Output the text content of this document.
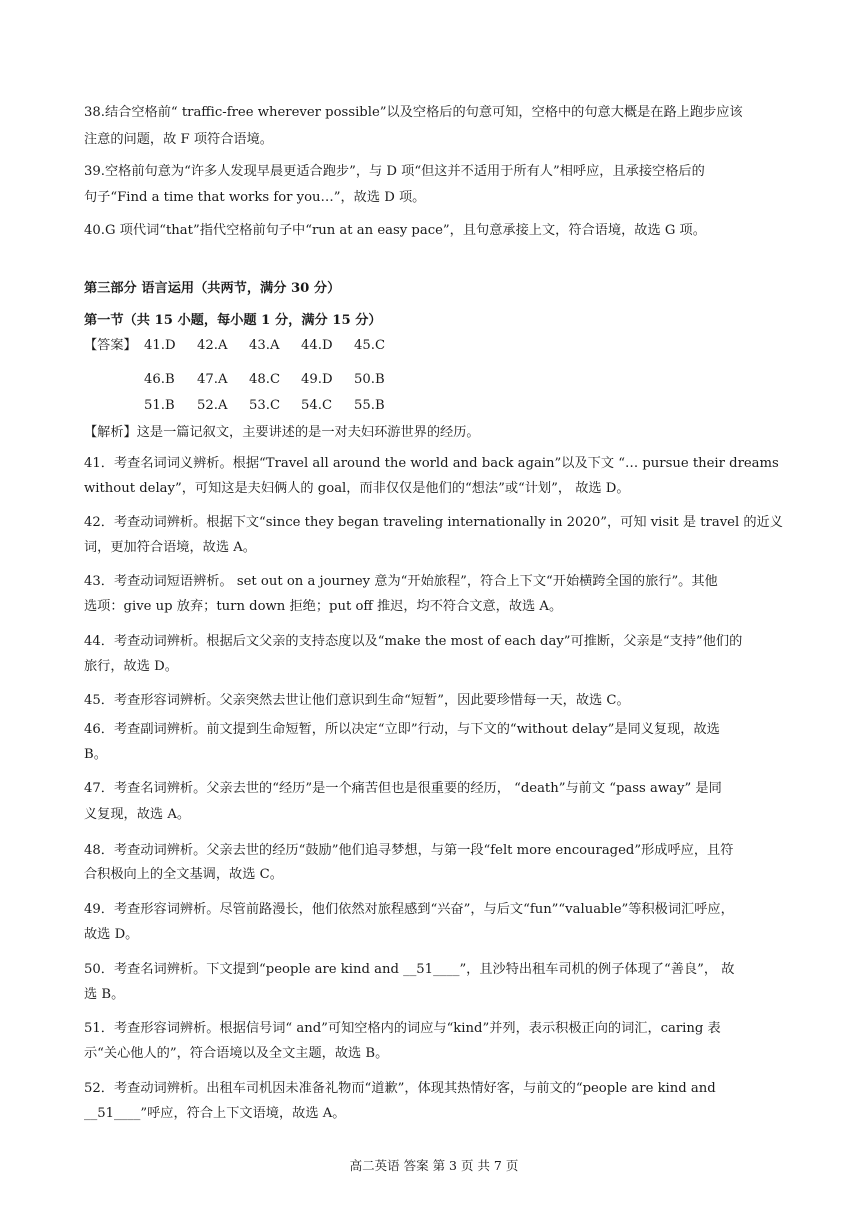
38.结合空格前“ traffic-free wherever possible”以及空格后的句意可知，空格中的句意大概是在路上跑步应该
注意的问题，故 F 项符合语境。
39.空格前句意为“许多人发现早晨更适合跑步”，与 D 项“但这并不适用于所有人”相呼应，且承接空格后的
句子“Find a time that works for you…”，故选 D 项。
40.G 项代词“that”指代空格前句子中“run at an easy pace”，且句意承接上文，符合语境，故选 G 项。
第三部分 语言运用（共两节，满分 30 分）
第一节（共 15 小题，每小题 1 分，满分 15 分）
【答案】 41.D 42.A 43.A 44.D 45.C
46.B 47.A 48.C 49.D 50.B
51.B 52.A 53.C 54.C 55.B
【解析】这是一篇记叙文，主要讲述的是一对夫妇环游世界的经历。
41．考查名词词义辨析。根据“Travel all around the world and back again”以及下文 “… pursue their dreams
without delay”，可知这是夫妇俩人的 goal，而非仅仅是他们的“想法”或“计划”， 故选 D。
42．考查动词辨析。根据下文“since they began traveling internationally in 2020”，可知 visit 是 travel 的近义
词，更加符合语境，故选 A。
43．考查动词短语辨析。 set out on a journey 意为“开始旅程”，符合上下文“开始横跨全国的旅行”。其他
选项：give up 放弃；turn down 拒绝；put off 推迟，均不符合文意，故选 A。
44．考查动词辨析。根据后文父亲的支持态度以及“make the most of each day”可推断，父亲是“支持”他们的
旅行，故选 D。
45．考查形容词辨析。父亲突然去世让他们意识到生命“短暂”，因此要珍惜每一天，故选 C。
46．考查副词辨析。前文提到生命短暂，所以决定“立即”行动，与下文的“without delay”是同义复现，故选
B。
47．考查名词辨析。父亲去世的“经历”是一个痛苦但也是很重要的经历， “death”与前文 “pass away” 是同
义复现，故选 A。
48．考查动词辨析。父亲去世的经历“鼓励”他们追寻梦想，与第一段“felt more encouraged”形成呼应，且符
合积极向上的全文基调，故选 C。
49．考查形容词辨析。尽管前路漫长，他们依然对旅程感到“兴奋”，与后文“fun”“valuable”等积极词汇呼应，
故选 D。
50．考查名词辨析。下文提到“people are kind and __51____”，且沙特出租车司机的例子体现了“善良”， 故
选 B。
51．考查形容词辨析。根据信号词“ and”可知空格内的词应与“kind”并列，表示积极正向的词汇，caring 表
示“关心他人的”，符合语境以及全文主题，故选 B。
52．考查动词辨析。出租车司机因未准备礼物而“道歉”，体现其热情好客，与前文的“people are kind and
__51____”呼应，符合上下文语境，故选 A。
高二英语 答案 第 3 页 共 7 页
